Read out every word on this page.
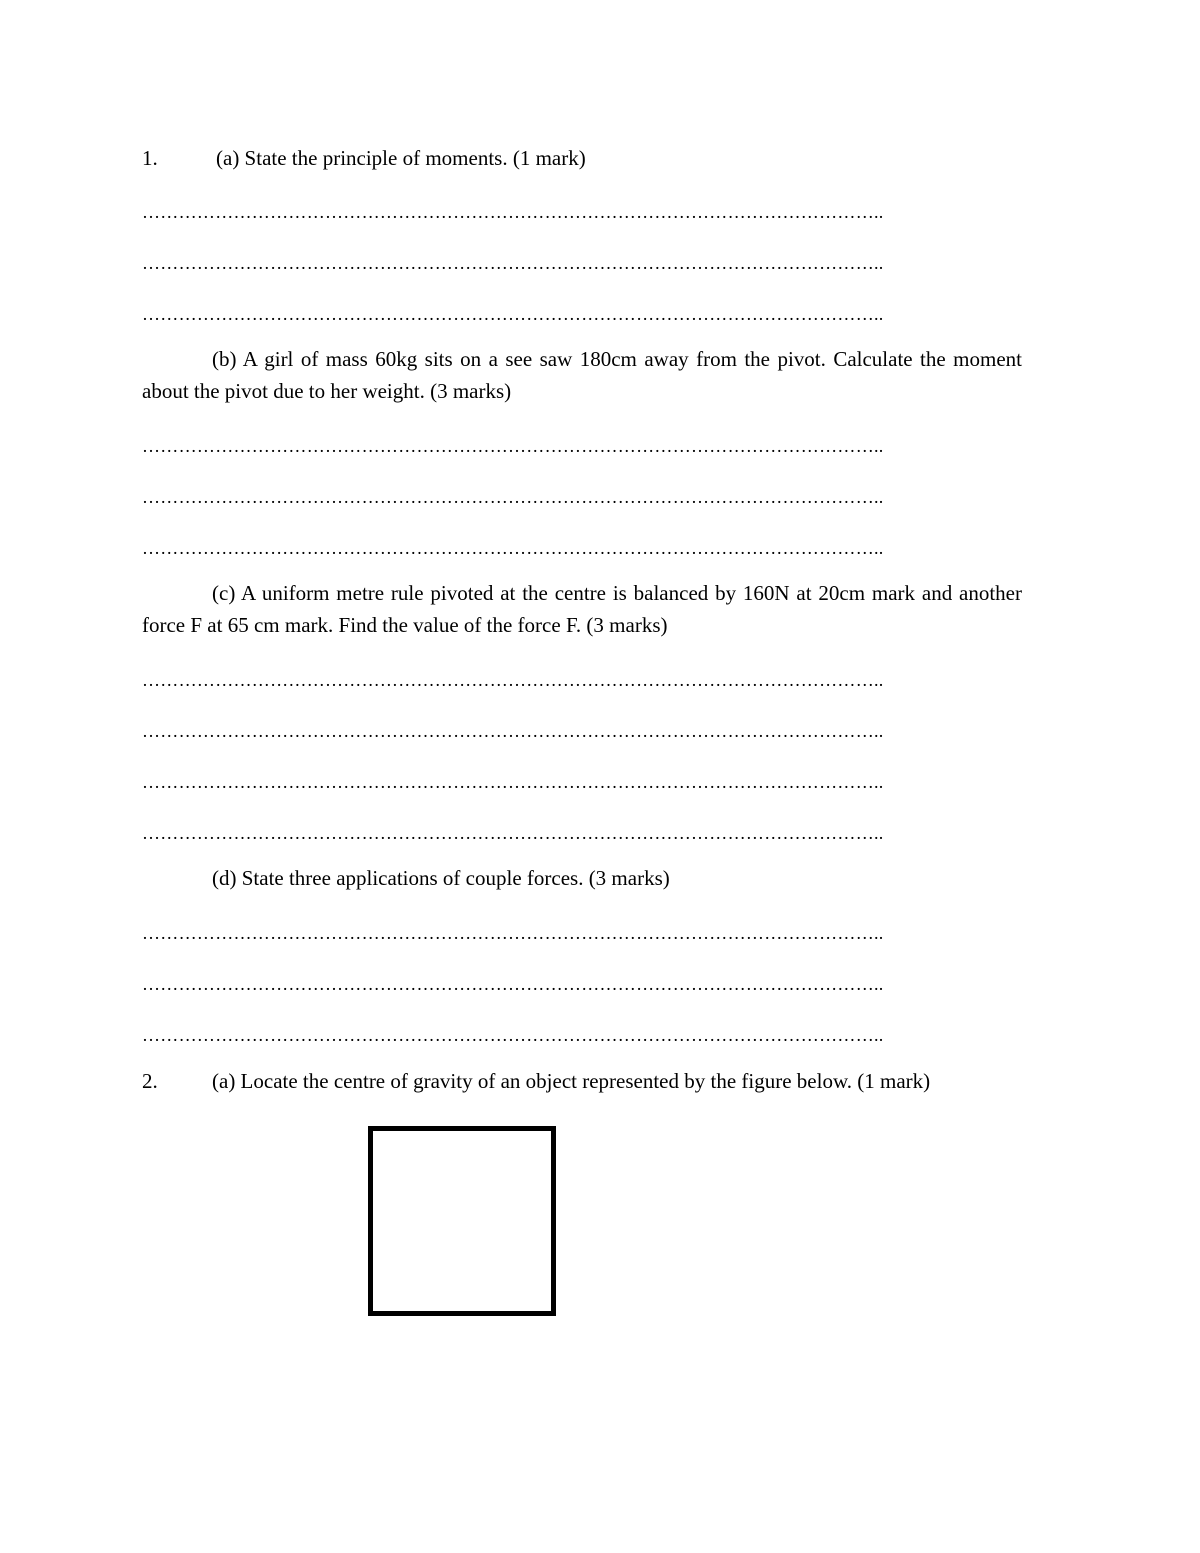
1.	(a) State the principle of moments. (1 mark)
…………………………………………………………………………………………………………..
…………………………………………………………………………………………………………..
…………………………………………………………………………………………………………..
(b) A girl of mass 60kg sits on a see saw 180cm away from the pivot. Calculate the moment about the pivot due to her weight. (3 marks)
…………………………………………………………………………………………………………..
…………………………………………………………………………………………………………..
…………………………………………………………………………………………………………..
(c) A uniform metre rule pivoted at the centre is balanced by 160N at 20cm mark and another force F at 65 cm mark. Find the value of the force F. (3 marks)
…………………………………………………………………………………………………………..
…………………………………………………………………………………………………………..
…………………………………………………………………………………………………………..
…………………………………………………………………………………………………………..
(d) State three applications of couple forces. (3 marks)
…………………………………………………………………………………………………………..
…………………………………………………………………………………………………………..
…………………………………………………………………………………………………………..
2.	(a) Locate the centre of gravity of an object represented by the figure below. (1 mark)
